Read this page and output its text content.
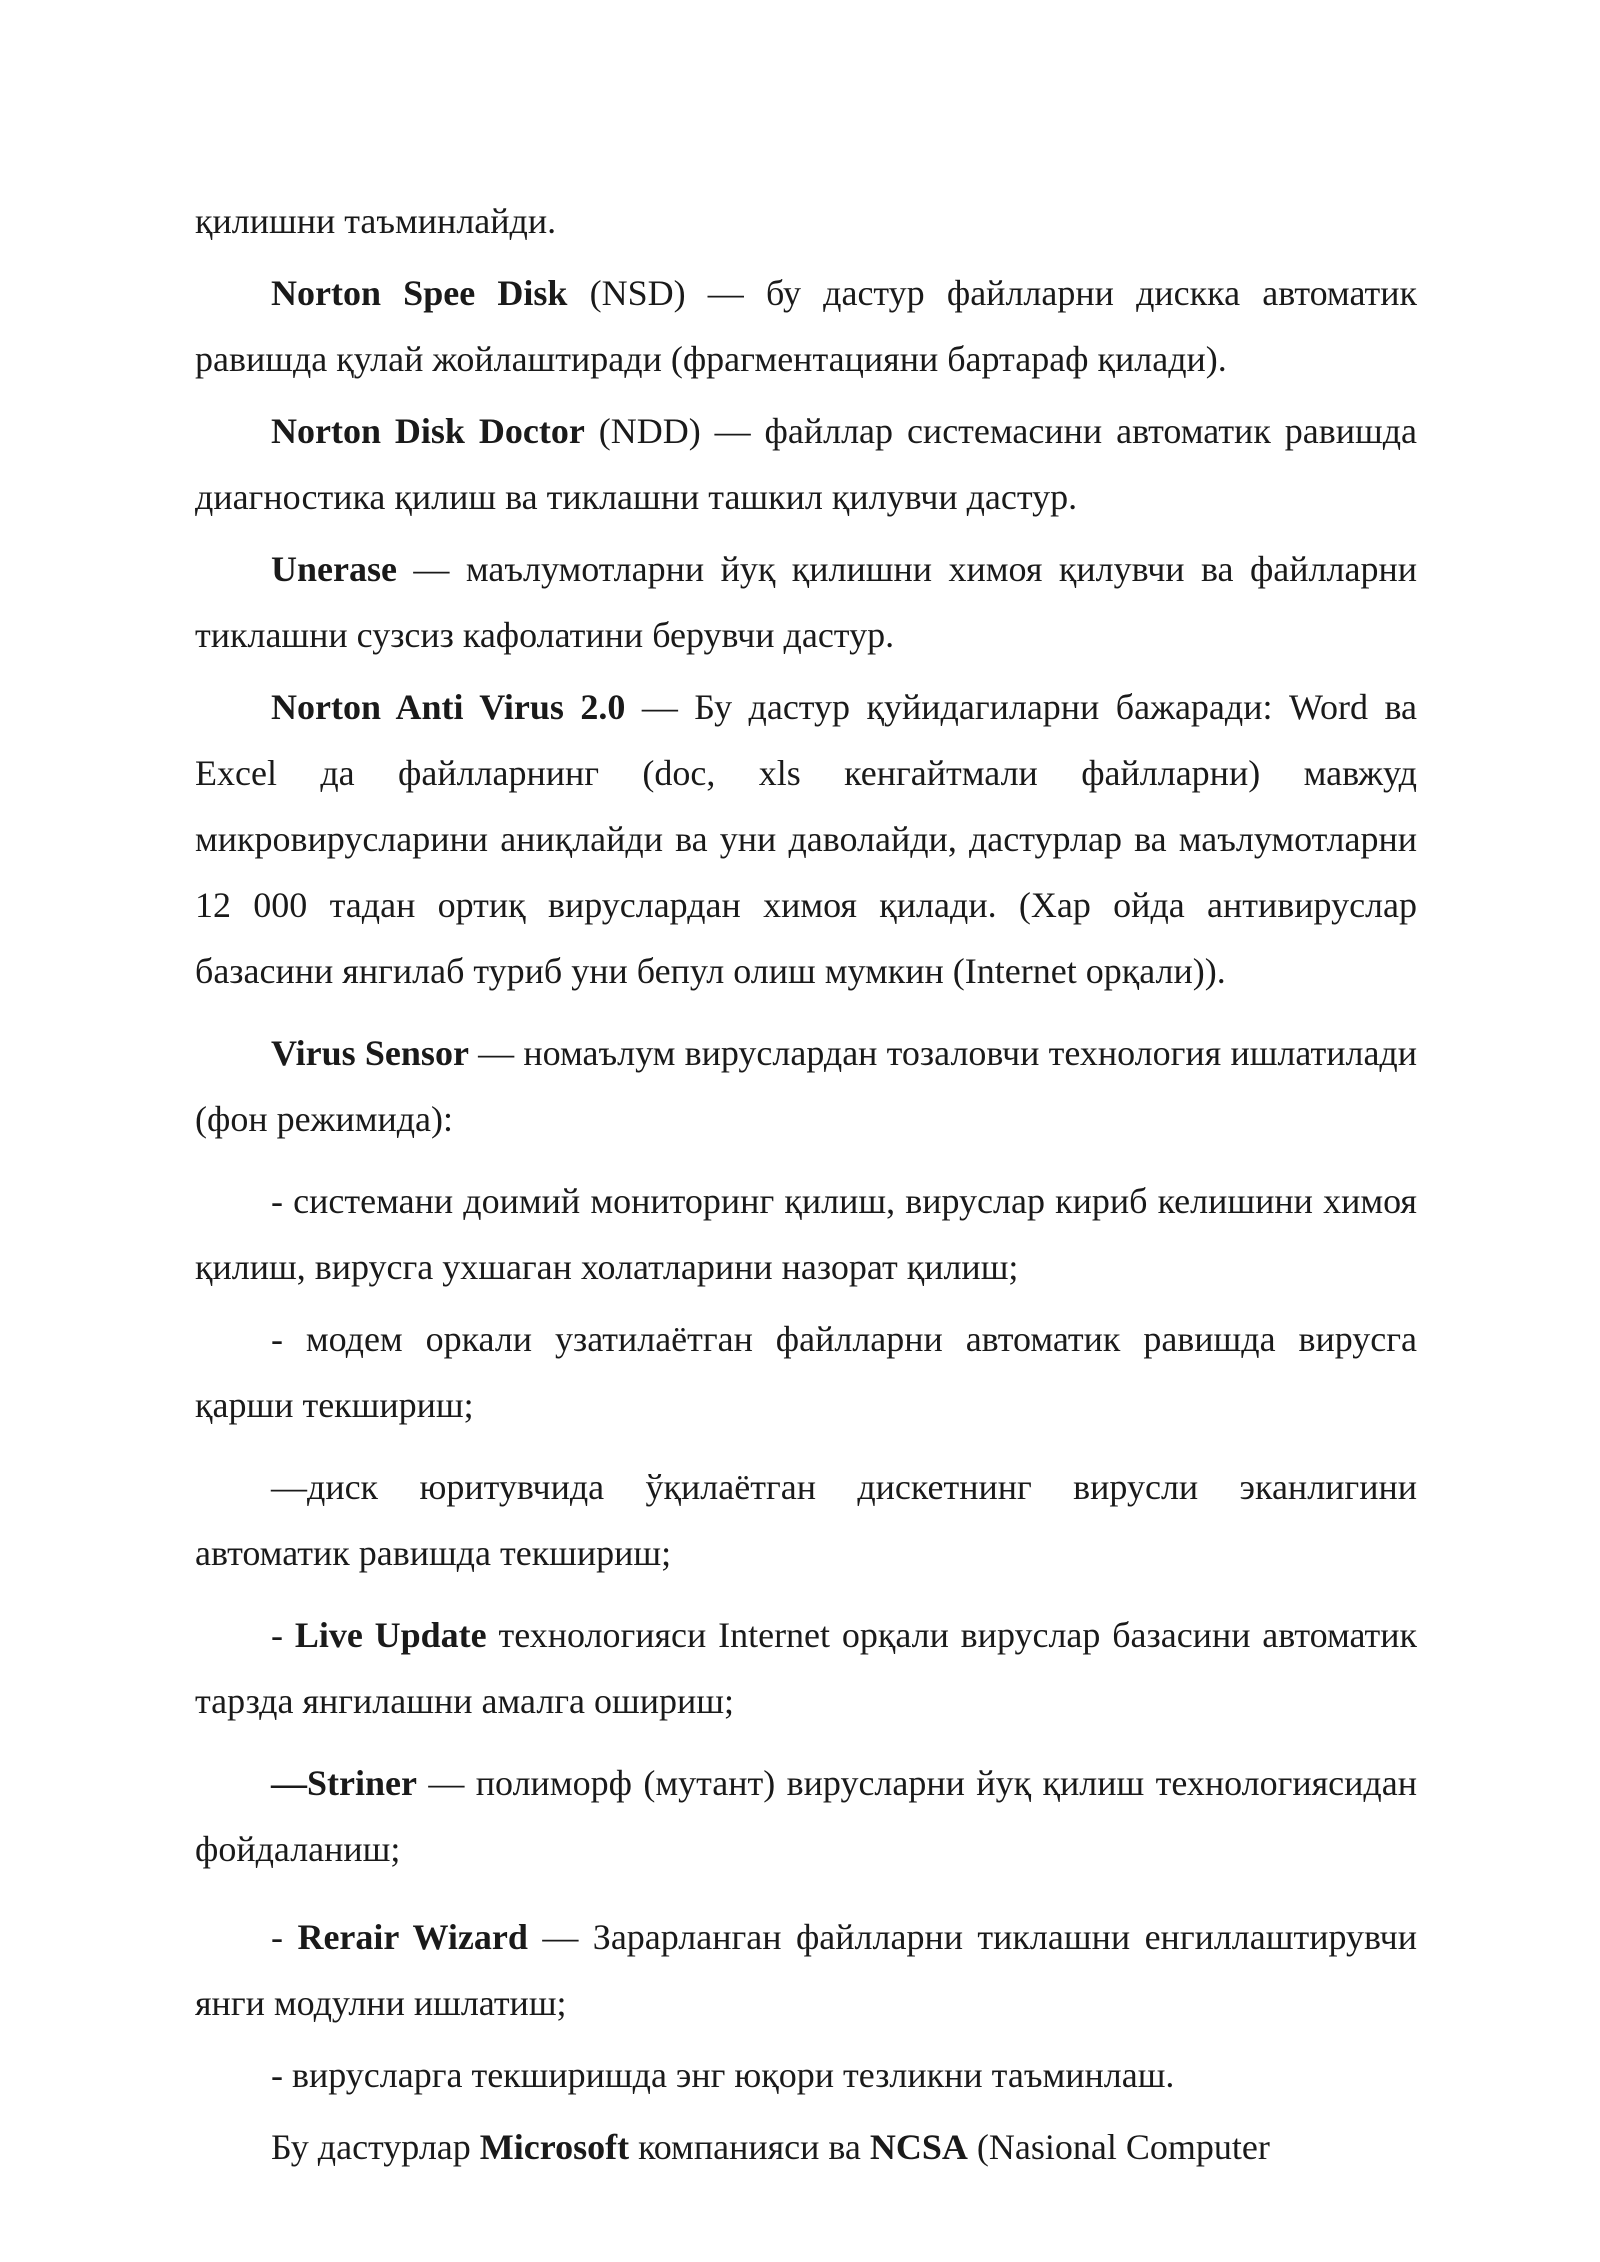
қилишни таъминлайди.

Norton Spee Disk (NSD) — бу дастур файлларни дискка автоматик равишда қулай жойлаштиради (фрагментацияни бартараф қилади).

Norton Disk Doctor (NDD) — файллар системасини автоматик равишда диагностика қилиш ва тиклашни ташкил қилувчи дастур.

Unerase — маълумотларни йуқ қилишни химоя қилувчи ва файлларни тиклашни сузсиз кафолатини берувчи дастур.

Norton Anti Virus 2.0 — Бу дастур қуйидагиларни бажаради: Word ва Excel да файлларнинг (doc, xls кенгайтмали файлларни) мавжуд микровирусларини аниқлайди ва уни даволайди, дастурлар ва маълумотларни 12 000 тадан ортиқ вируслардан химоя қилади. (Хар ойда антивируслар базасини янгилаб туриб уни бепул олиш мумкин (Internet орқали)).

Virus Sensor — номаълум вируслардан тозаловчи технология ишлатилади (фон режимида):

- системани доимий мониторинг қилиш, вируслар кириб келишини химоя қилиш, вирусга ухшаган холатларини назорат қилиш;

- модем оркали узатилаётган файлларни автоматик равишда вирусга қарши текшириш;

—диск юритувчида ўқилаётган дискетнинг вирусли эканлигини автоматик равишда текшириш;

- Live Update технологияси Internet орқали вируслар базасини автоматик тарзда янгилашни амалга ошириш;

—Striner — полиморф (мутант) вирусларни йуқ қилиш технологиясидан фойдаланиш;

- Rerair Wizard — Зарарланган файлларни тиклашни енгиллаштирувчи янги модулни ишлатиш;

- вирусларга текширишда энг юқори тезликни таъминлаш.

Бу дастурлар Microsoft компанияси ва NCSA (Nasional Computer
